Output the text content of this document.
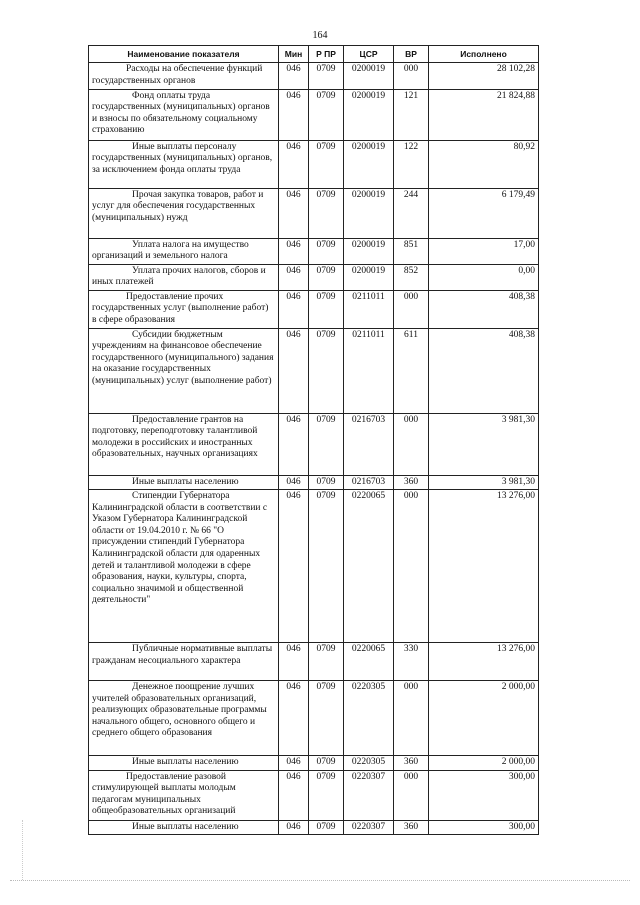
164
Наименование показателя	Мин	Р ПР	ЦСР	ВР	Исполнено
Расходы на обеспечение функций государственных органов	046	0709	0200019	000	28 102,28
Фонд оплаты труда государственных (муниципальных) органов и взносы по обязательному социальному страхованию	046	0709	0200019	121	21 824,88
Иные выплаты персоналу государственных (муниципальных) органов, за исключением фонда оплаты труда	046	0709	0200019	122	80,92
Прочая закупка товаров, работ и услуг для обеспечения государственных (муниципальных) нужд	046	0709	0200019	244	6 179,49
Уплата налога на имущество организаций и земельного налога	046	0709	0200019	851	17,00
Уплата прочих налогов, сборов и иных платежей	046	0709	0200019	852	0,00
Предоставление прочих государственных услуг (выполнение работ) в сфере образования	046	0709	0211011	000	408,38
Субсидии бюджетным учреждениям на финансовое обеспечение государственного (муниципального) задания на оказание государственных (муниципальных) услуг (выполнение работ)	046	0709	0211011	611	408,38
Предоставление грантов на подготовку, переподготовку талантливой молодежи в российских и иностранных образовательных, научных организациях	046	0709	0216703	000	3 981,30
Иные выплаты населению	046	0709	0216703	360	3 981,30
Стипендии Губернатора Калининградской области в соответствии с Указом Губернатора Калининградской области от 19.04.2010 г. № 66 "О присуждении стипендий Губернатора Калининградской области для одаренных детей и талантливой молодежи в сфере образования, науки, культуры, спорта, социально значимой и общественной деятельности"	046	0709	0220065	000	13 276,00
Публичные нормативные выплаты гражданам несоциального характера	046	0709	0220065	330	13 276,00
Денежное поощрение лучших учителей образовательных организаций, реализующих образовательные программы начального общего, основного общего и среднего общего образования	046	0709	0220305	000	2 000,00
Иные выплаты населению	046	0709	0220305	360	2 000,00
Предоставление разовой стимулирующей выплаты молодым педагогам муниципальных общеобразовательных организаций	046	0709	0220307	000	300,00
Иные выплаты населению	046	0709	0220307	360	300,00
